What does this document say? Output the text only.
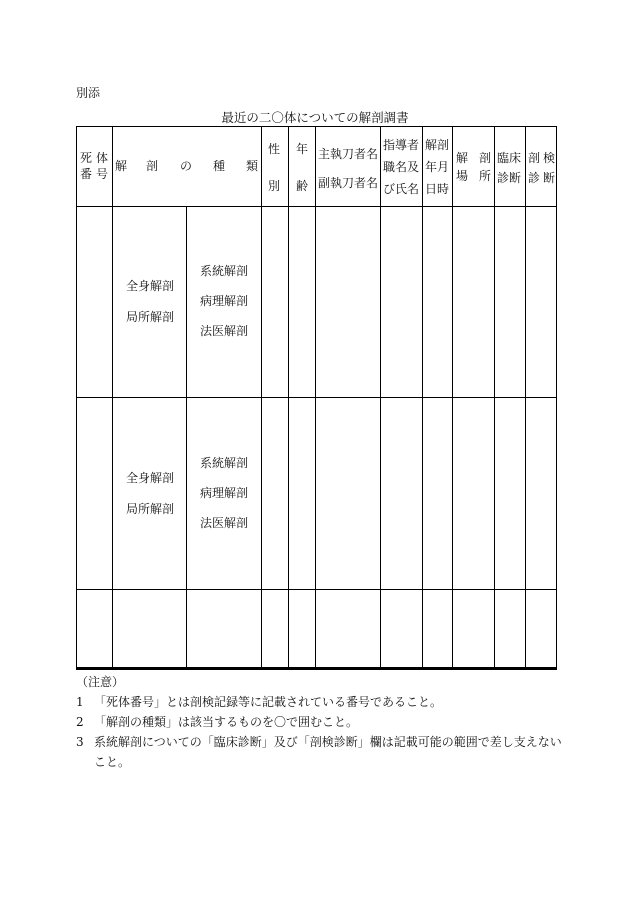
別添
最近の二〇体についての解剖調書
死 体
番 号
解 剖 の 種 類
性
別
年
齢
主執刀者名
副執刀者名
指導者
職名及
び氏名
解剖
年月
日時
解 剖
場 所
臨床
診断
剖検
診断
全身解剖
局所解剖
系統解剖
病理解剖
法医解剖
全身解剖
局所解剖
系統解剖
病理解剖
法医解剖

（注意）

1 「死体番号」とは剖検記録等に記載されている番号であること。

2 「解剖の種類」は該当するものを〇で囲むこと。

3 系統解剖についての「臨床診断」及び「剖検診断」欄は記載可能の範囲で差し支えないこと。
